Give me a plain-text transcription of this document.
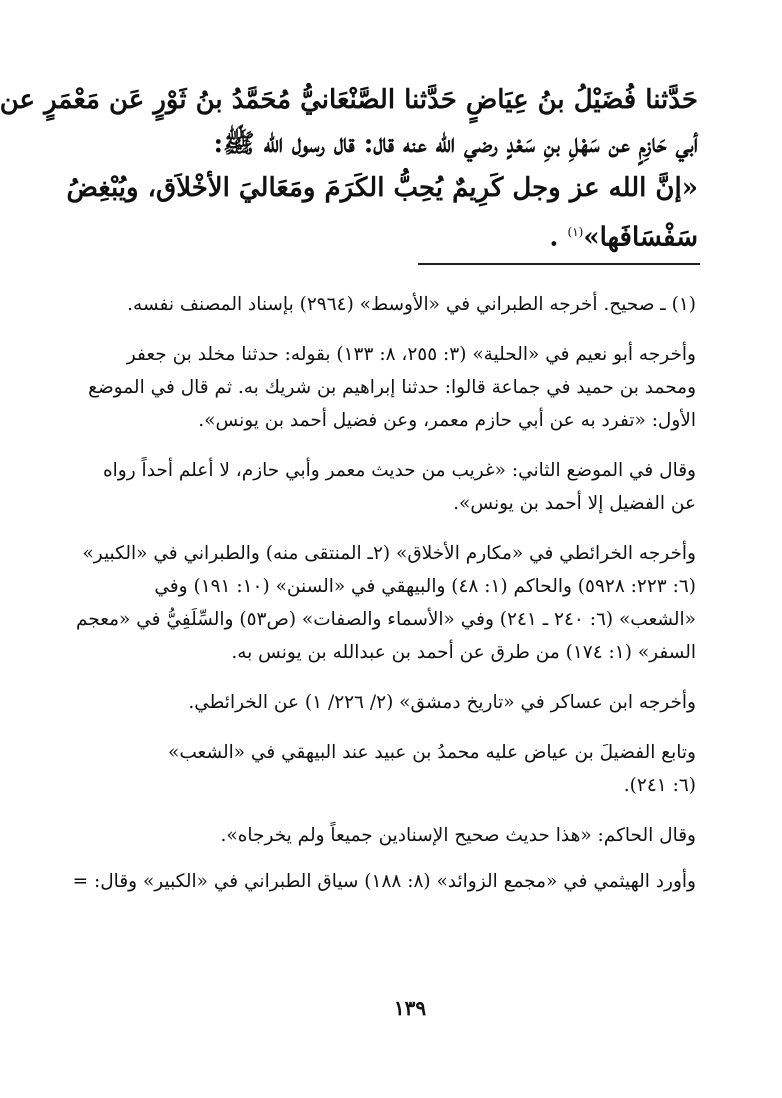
حَدَّثنا فُضَيْلُ بنُ عِيَاضٍ حَدَّثنا الصَّنْعَانيُّ مُحَمَّدُ بنُ ثَوْرٍ عَن مَعْمَرٍ عن
أبي حَازِمٍ عن سَهْلِ بنِ سَعْدٍ رضي الله عنه قال: قال رسول الله ﷺ:
«إنَّ الله عز وجل كَرِيمٌ يُحِبُّ الكَرَمَ ومَعَاليَ الأخْلاَق، ويُبْغِضُ
سَفْسَافَها»$^{(١)}$ .

(١) ـ صحيح. أخرجه الطبراني في «الأوسط» (٢٩٦٤) بإسناد المصنف نفسه.

وأخرجه أبو نعيم في «الحلية» (٣: ٢٥٥، ٨: ١٣٣) بقوله: حدثنا مخلد بن جعفر
ومحمد بن حميد في جماعة قالوا: حدثنا إبراهيم بن شريك به. ثم قال في الموضع
الأول: «تفرد به عن أبي حازم معمر، وعن فضيل أحمد بن يونس».

وقال في الموضع الثاني: «غريب من حديث معمر وأبي حازم، لا أعلم أحداً رواه
عن الفضيل إلا أحمد بن يونس».

وأخرجه الخرائطي في «مكارم الأخلاق» (٢ـ المنتقى منه) والطبراني في «الكبير»
(٦: ٢٢٣: ٥٩٢٨) والحاكم (١: ٤٨) والبيهقي في «السنن» (١٠: ١٩١) وفي
«الشعب» (٦: ٢٤٠ ـ ٢٤١) وفي «الأسماء والصفات» (ص٥٣) والسِّلَفِيُّ في «معجم
السفر» (١: ١٧٤) من طرق عن أحمد بن عبدالله بن يونس به.

وأخرجه ابن عساكر في «تاريخ دمشق» (٢/ ٢٢٦/ ١) عن الخرائطي.

وتابع الفضيلَ بن عياض عليه محمدُ بن عبيد عند البيهقي في «الشعب»
(٦: ٢٤١).

وقال الحاكم: «هذا حديث صحيح الإسنادين جميعاً ولم يخرجاه».

وأورد الهيثمي في «مجمع الزوائد» (٨: ١٨٨) سياق الطبراني في «الكبير» وقال: =

١٣٩
